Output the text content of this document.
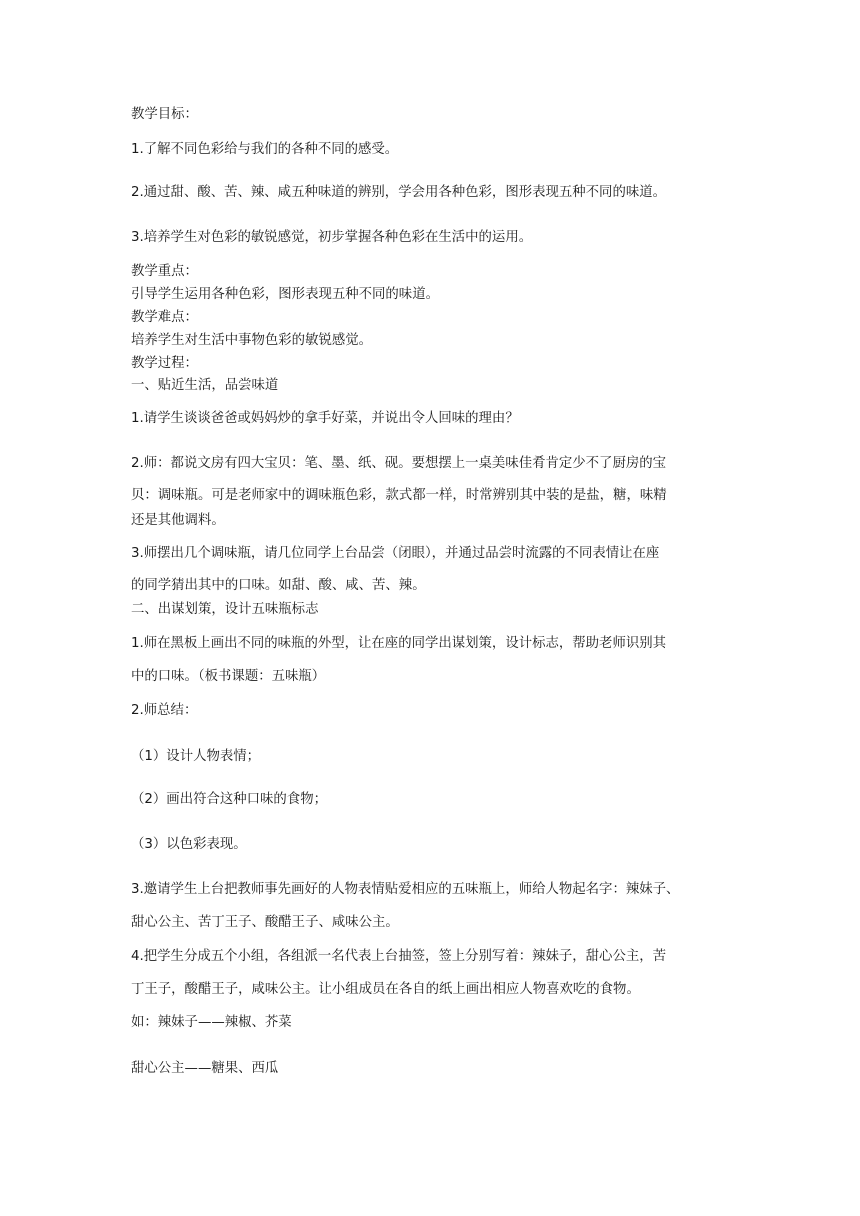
教学目标：
1.了解不同色彩给与我们的各种不同的感受。
2.通过甜、酸、苦、辣、咸五种味道的辨别，学会用各种色彩，图形表现五种不同的味道。
3.培养学生对色彩的敏锐感觉，初步掌握各种色彩在生活中的运用。
教学重点：
引导学生运用各种色彩，图形表现五种不同的味道。
教学难点：
培养学生对生活中事物色彩的敏锐感觉。
教学过程：
一、贴近生活，品尝味道
1.请学生谈谈爸爸或妈妈炒的拿手好菜，并说出令人回味的理由？
2.师：都说文房有四大宝贝：笔、墨、纸、砚。要想摆上一桌美味佳肴肯定少不了厨房的宝
贝：调味瓶。可是老师家中的调味瓶色彩，款式都一样，时常辨别其中装的是盐，糖，味精
还是其他调料。
3.师摆出几个调味瓶，请几位同学上台品尝（闭眼），并通过品尝时流露的不同表情让在座
的同学猜出其中的口味。如甜、酸、咸、苦、辣。
二、出谋划策，设计五味瓶标志
1.师在黑板上画出不同的味瓶的外型，让在座的同学出谋划策，设计标志，帮助老师识别其
中的口味。（板书课题：五味瓶）
2.师总结：
（1）设计人物表情；
（2）画出符合这种口味的食物；
（3）以色彩表现。
3.邀请学生上台把教师事先画好的人物表情贴爱相应的五味瓶上，师给人物起名字：辣妹子、
甜心公主、苦丁王子、酸醋王子、咸味公主。
4.把学生分成五个小组，各组派一名代表上台抽签，签上分别写着：辣妹子，甜心公主，苦
丁王子，酸醋王子，咸味公主。让小组成员在各自的纸上画出相应人物喜欢吃的食物。
如：辣妹子——辣椒、芥菜
甜心公主——糖果、西瓜
